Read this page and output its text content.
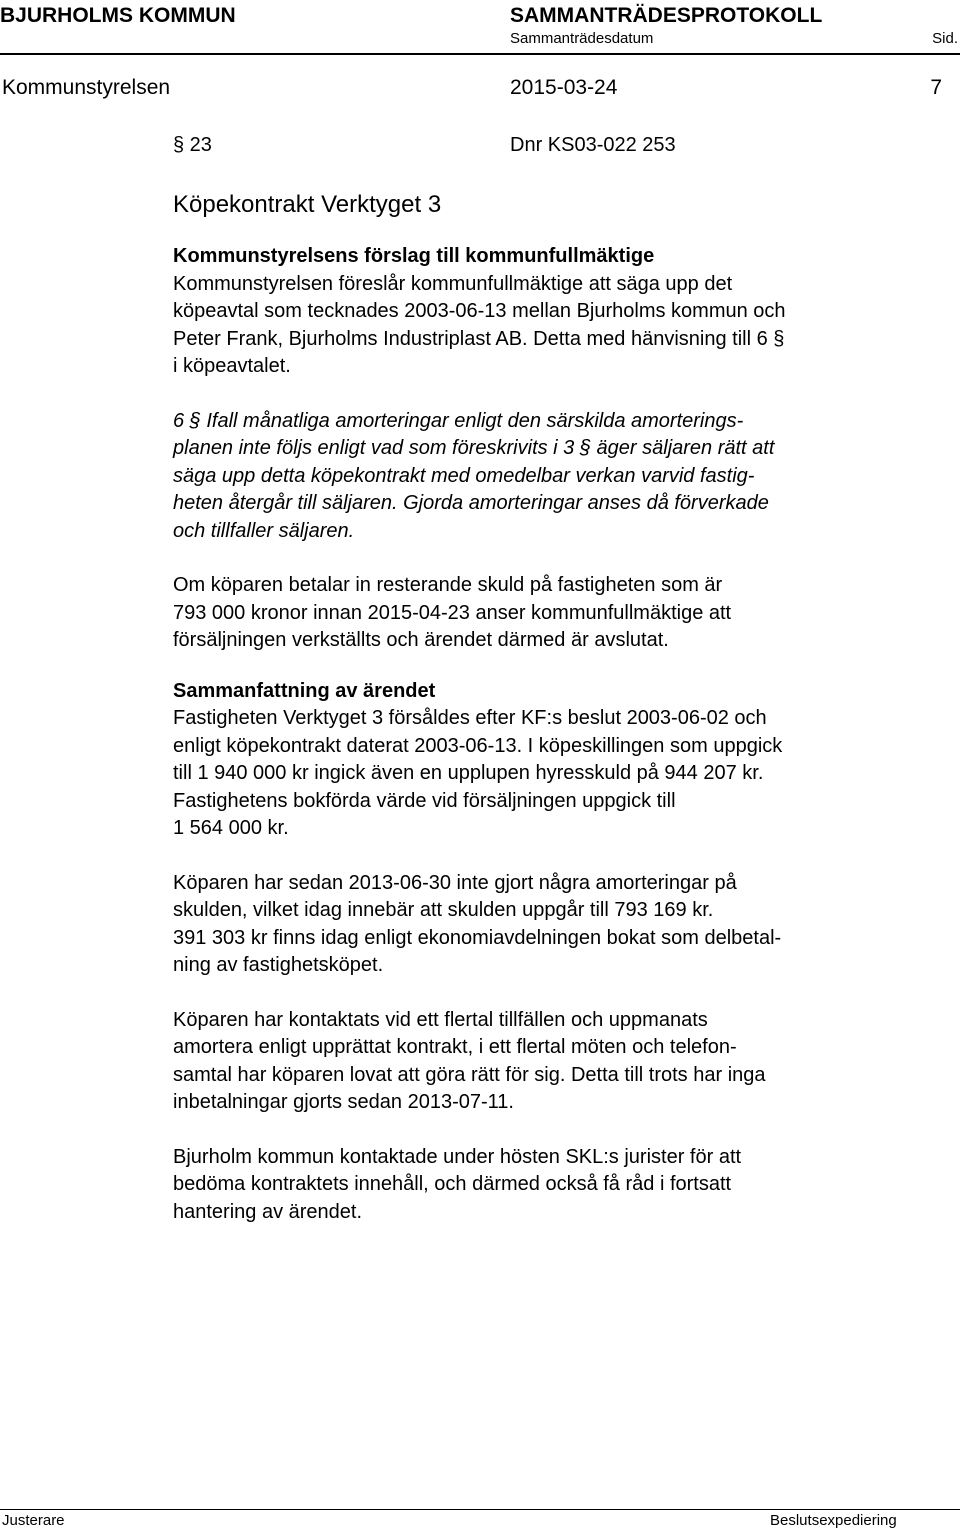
BJURHOLMS KOMMUN	SAMMANTRÄDESPROTOKOLL
Sammanträdesdatum	Sid.
Kommunstyrelsen	2015-03-24	7
§ 23	Dnr KS03-022 253
Köpekontrakt Verktyget 3
Kommunstyrelsens förslag till kommunfullmäktige

Kommunstyrelsen föreslår kommunfullmäktige att säga upp det
köpeavtal som tecknades 2003-06-13 mellan Bjurholms kommun och
Peter Frank, Bjurholms Industriplast AB. Detta med hänvisning till 6 §
i köpeavtalet.

6 § Ifall månatliga amorteringar enligt den särskilda amorterings-
planen inte följs enligt vad som föreskrivits i 3 § äger säljaren rätt att
säga upp detta köpekontrakt med omedelbar verkan varvid fastig-
heten återgår till säljaren. Gjorda amorteringar anses då förverkade
och tillfaller säljaren.

Om köparen betalar in resterande skuld på fastigheten som är
793 000 kronor innan 2015-04-23 anser kommunfullmäktige att
försäljningen verkställts och ärendet därmed är avslutat.

Sammanfattning av ärendet

Fastigheten Verktyget 3 försåldes efter KF:s beslut 2003-06-02 och
enligt köpekontrakt daterat 2003-06-13. I köpeskillingen som uppgick
till 1 940 000 kr ingick även en upplupen hyresskuld på 944 207 kr.
Fastighetens bokförda värde vid försäljningen uppgick till
1 564 000 kr.

Köparen har sedan 2013-06-30 inte gjort några amorteringar på
skulden, vilket idag innebär att skulden uppgår till 793 169 kr.
391 303 kr finns idag enligt ekonomiavdelningen bokat som delbetal-
ning av fastighetsköpet.

Köparen har kontaktats vid ett flertal tillfällen och uppmanats
amortera enligt upprättat kontrakt, i ett flertal möten och telefon-
samtal har köparen lovat att göra rätt för sig. Detta till trots har inga
inbetalningar gjorts sedan 2013-07-11.

Bjurholm kommun kontaktade under hösten SKL:s jurister för att
bedöma kontraktets innehåll, och därmed också få råd i fortsatt
hantering av ärendet.

Justerare	Beslutsexpediering
